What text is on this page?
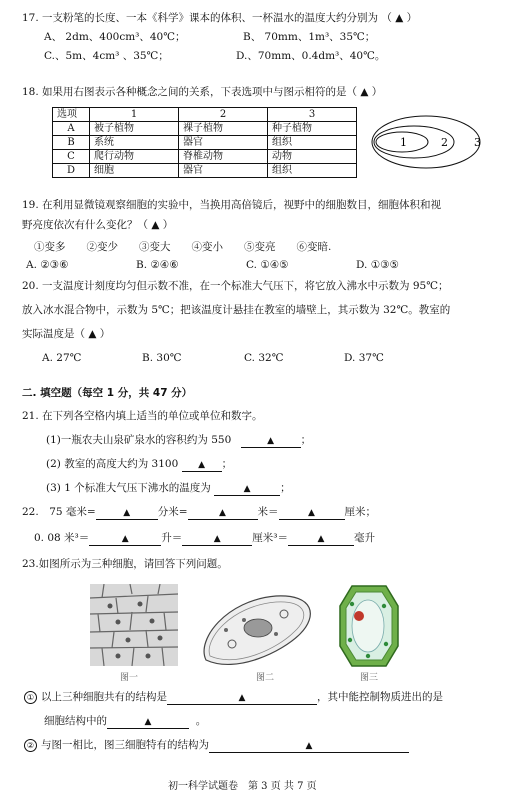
17. 一支粉笔的长度、一本《科学》课本的体积、一杯温水的温度大约分别为 （ ▲ ）
A、 2dm、400cm³、40℃；	B、 70mm、1m³、35℃；
C.、5m、4cm³ 、35℃；	D.、70mm、0.4dm³、40℃。
18. 如果用右图表示各种概念之间的关系，下表选项中与图示相符的是（ ▲ ）
选项	1	2	3
A	被子植物	裸子植物	种子植物
B	系统	器官	组织
C	爬行动物	脊椎动物	动物
D	细胞	器官	组织
1	2 3
19. 在利用显微镜观察细胞的实验中，当换用高倍镜后，视野中的细胞数目，细胞体积和视
野亮度依次有什么变化？（ ▲ ）
①变多　　②变少　　③变大　　④变小　　⑤变亮　　⑥变暗.
A. ②③⑥	B. ②④⑥	C. ①④⑤	D. ①③⑤
20. 一支温度计刻度均匀但示数不准，在一个标准大气压下，将它放入沸水中示数为 95℃；
放入冰水混合物中，示数为 5℃；把该温度计悬挂在教室的墙壁上，其示数为 32℃。教室的
实际温度是（ ▲ ）
A. 27℃	B. 30℃	C. 32℃	D. 37℃
二. 填空题（每空 1 分，共 47 分）
21. 在下列各空格内填上适当的单位或单位和数字。
(1)一瓶农夫山泉矿泉水的容积约为 550	▲	；
(2) 教室的高度大约为 3100 ▲ ；
(3) 1 个标准大气压下沸水的温度为	▲	；
22.　75 毫米=	▲	分米=	▲	米＝	▲	厘米；
0. 08 米³＝	▲	升＝	▲	厘米³＝	▲	毫升
23.如图所示为三种细胞，请回答下列问题。
图一	图二	图三
① 以上三种细胞共有的结构是	▲	，其中能控制物质进出的是
细胞结构中的	▲	。
② 与图一相比，图三细胞特有的结构为	▲
初一科学试题卷　第 3 页 共 7 页
